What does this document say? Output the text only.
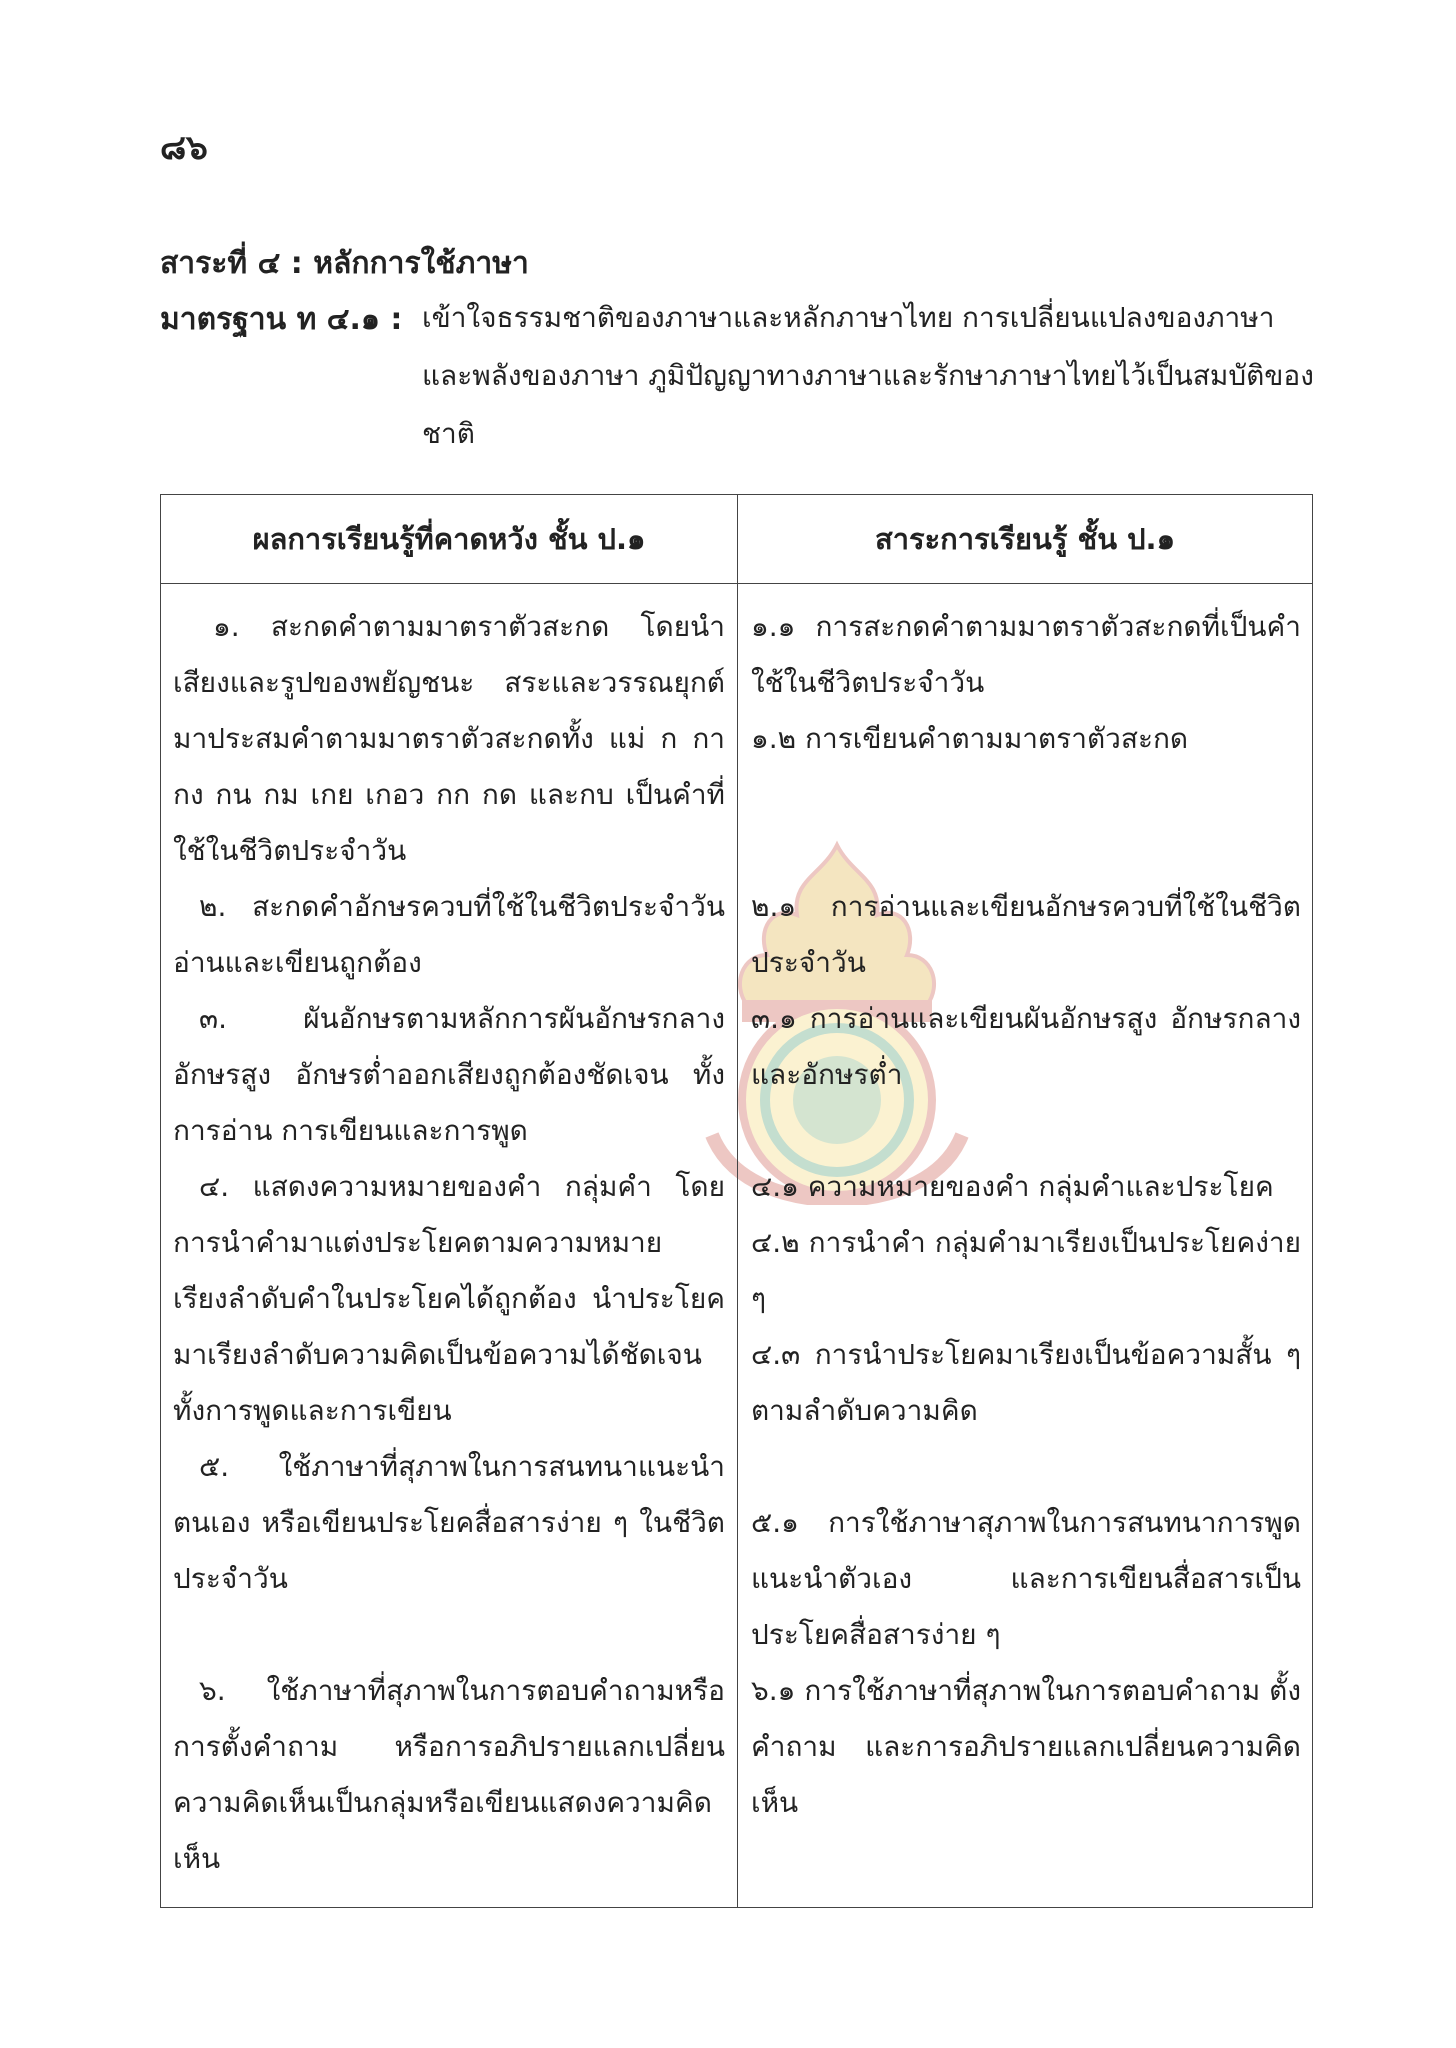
๘๖
สาระที่ ๔ : หลักการใช้ภาษา
มาตรฐาน ท ๔.๑ : เข้าใจธรรมชาติของภาษาและหลักภาษาไทย การเปลี่ยนแปลงของภาษาและพลังของภาษา ภูมิปัญญาทางภาษาและรักษาภาษาไทยไว้เป็นสมบัติของชาติ
ผลการเรียนรู้ที่คาดหวัง ชั้น ป.๑	สาระการเรียนรู้ ชั้น ป.๑

๑. สะกดคำตามมาตราตัวสะกด โดยนำเสียงและรูปของพยัญชนะ สระและวรรณยุกต์มาประสมคำตามมาตราตัวสะกดทั้ง แม่ ก กา กง กน กม เกย เกอว กก กด และกบ เป็นคำที่ใช้ในชีวิตประจำวัน

๒. สะกดคำอักษรควบที่ใช้ในชีวิตประจำวัน อ่านและเขียนถูกต้อง

๓. ผันอักษรตามหลักการผันอักษรกลาง อักษรสูง อักษรต่ำออกเสียงถูกต้องชัดเจน ทั้งการอ่าน การเขียนและการพูด

๔. แสดงความหมายของคำ กลุ่มคำ โดยการนำคำมาแต่งประโยคตามความหมาย เรียงลำดับคำในประโยคได้ถูกต้อง นำประโยคมาเรียงลำดับความคิดเป็นข้อความได้ชัดเจน ทั้งการพูดและการเขียน

๕. ใช้ภาษาที่สุภาพในการสนทนาแนะนำตนเอง หรือเขียนประโยคสื่อสารง่าย ๆ ในชีวิตประจำวัน

๖. ใช้ภาษาที่สุภาพในการตอบคำถามหรือการตั้งคำถาม หรือการอภิปรายแลกเปลี่ยนความคิดเห็นเป็นกลุ่มหรือเขียนแสดงความคิดเห็น

๑.๑ การสะกดคำตามมาตราตัวสะกดที่เป็นคำใช้ในชีวิตประจำวัน

๑.๒ การเขียนคำตามมาตราตัวสะกด

๒.๑ การอ่านและเขียนอักษรควบที่ใช้ในชีวิตประจำวัน

๓.๑ การอ่านและเขียนผันอักษรสูง อักษรกลางและอักษรต่ำ

๔.๑ ความหมายของคำ กลุ่มคำและประโยค

๔.๒ การนำคำ กลุ่มคำมาเรียงเป็นประโยคง่าย ๆ

๔.๓ การนำประโยคมาเรียงเป็นข้อความสั้น ๆ ตามลำดับความคิด

๕.๑ การใช้ภาษาสุภาพในการสนทนาการพูดแนะนำตัวเอง และการเขียนสื่อสารเป็นประโยคสื่อสารง่าย ๆ

๖.๑ การใช้ภาษาที่สุภาพในการตอบคำถาม ตั้งคำถาม และการอภิปรายแลกเปลี่ยนความคิดเห็น
